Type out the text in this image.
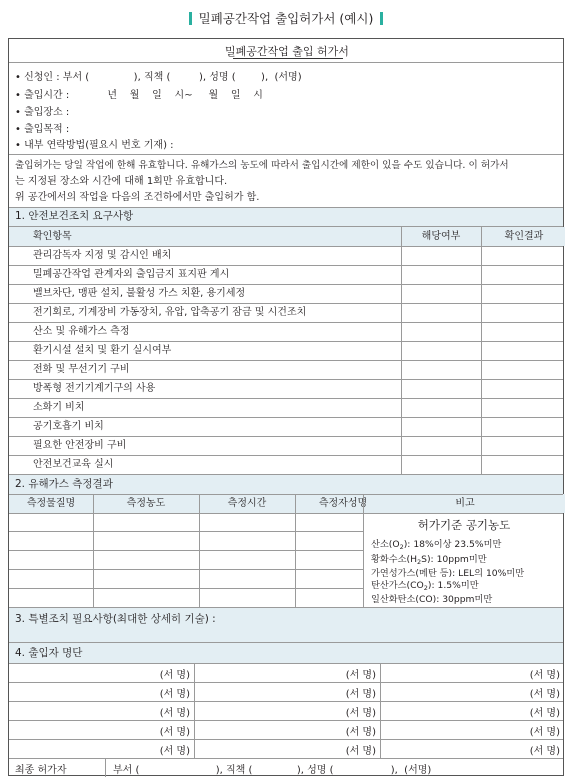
밀폐공간작업 출입허가서 (예시)
밀폐공간작업 출입 허가서
• 신청인 : 부서 (              ), 직책 (         ), 성명 (        ),  (서명)
• 출입시간 :            년    월    일    시~     월    일    시
• 출입장소 :
• 출입목적 :
• 내부 연락방법(필요시 번호 기재) :
출입허가는 당일 작업에 한해 유효합니다. 유해가스의 농도에 따라서 출입시간에 제한이 있을 수도 있습니다. 이 허가서
는 지정된 장소와 시간에 대해 1회만 유효합니다.
위 공간에서의 작업을 다음의 조건하에서만 출입허가 함.
1. 안전보건조치 요구사항
확인항목	해당여부	확인결과
관리감독자 지정 및 감시인 배치
밀폐공간작업 관계자외 출입금지 표지판 게시
밸브차단, 맹판 설치, 불활성 가스 치환, 용기세정
전기회로, 기계장비 가동장치, 유압, 압축공기 잠금 및 시건조치
산소 및 유해가스 측정
환기시설 설치 및 환기 실시여부
전화 및 무선기기 구비
방폭형 전기기계기구의 사용
소화기 비치
공기호흡기 비치
필요한 안전장비 구비
안전보건교육 실시
2. 유해가스 측정결과
측정물질명	측정농도	측정시간	측정자성명	비고
허가기준 공기농도
산소$(O_2)$: 18%이상 23.5%미만
황화수소$(H_2S)$: 10ppm미만
가연성가스(메탄 등): LEL의 10%미만
탄산가스$(CO_2)$: 1.5%미만
일산화탄소(CO): 30ppm미만
3. 특별조치 필요사항(최대한 상세히 기술) :
4. 출입자 명단
(서 명)	(서 명)	(서 명)
(서 명)	(서 명)	(서 명)
(서 명)	(서 명)	(서 명)
(서 명)	(서 명)	(서 명)
(서 명)	(서 명)	(서 명)
최종 허가자	부서 (                        ), 직책 (              ), 성명 (                  ),  (서명)
